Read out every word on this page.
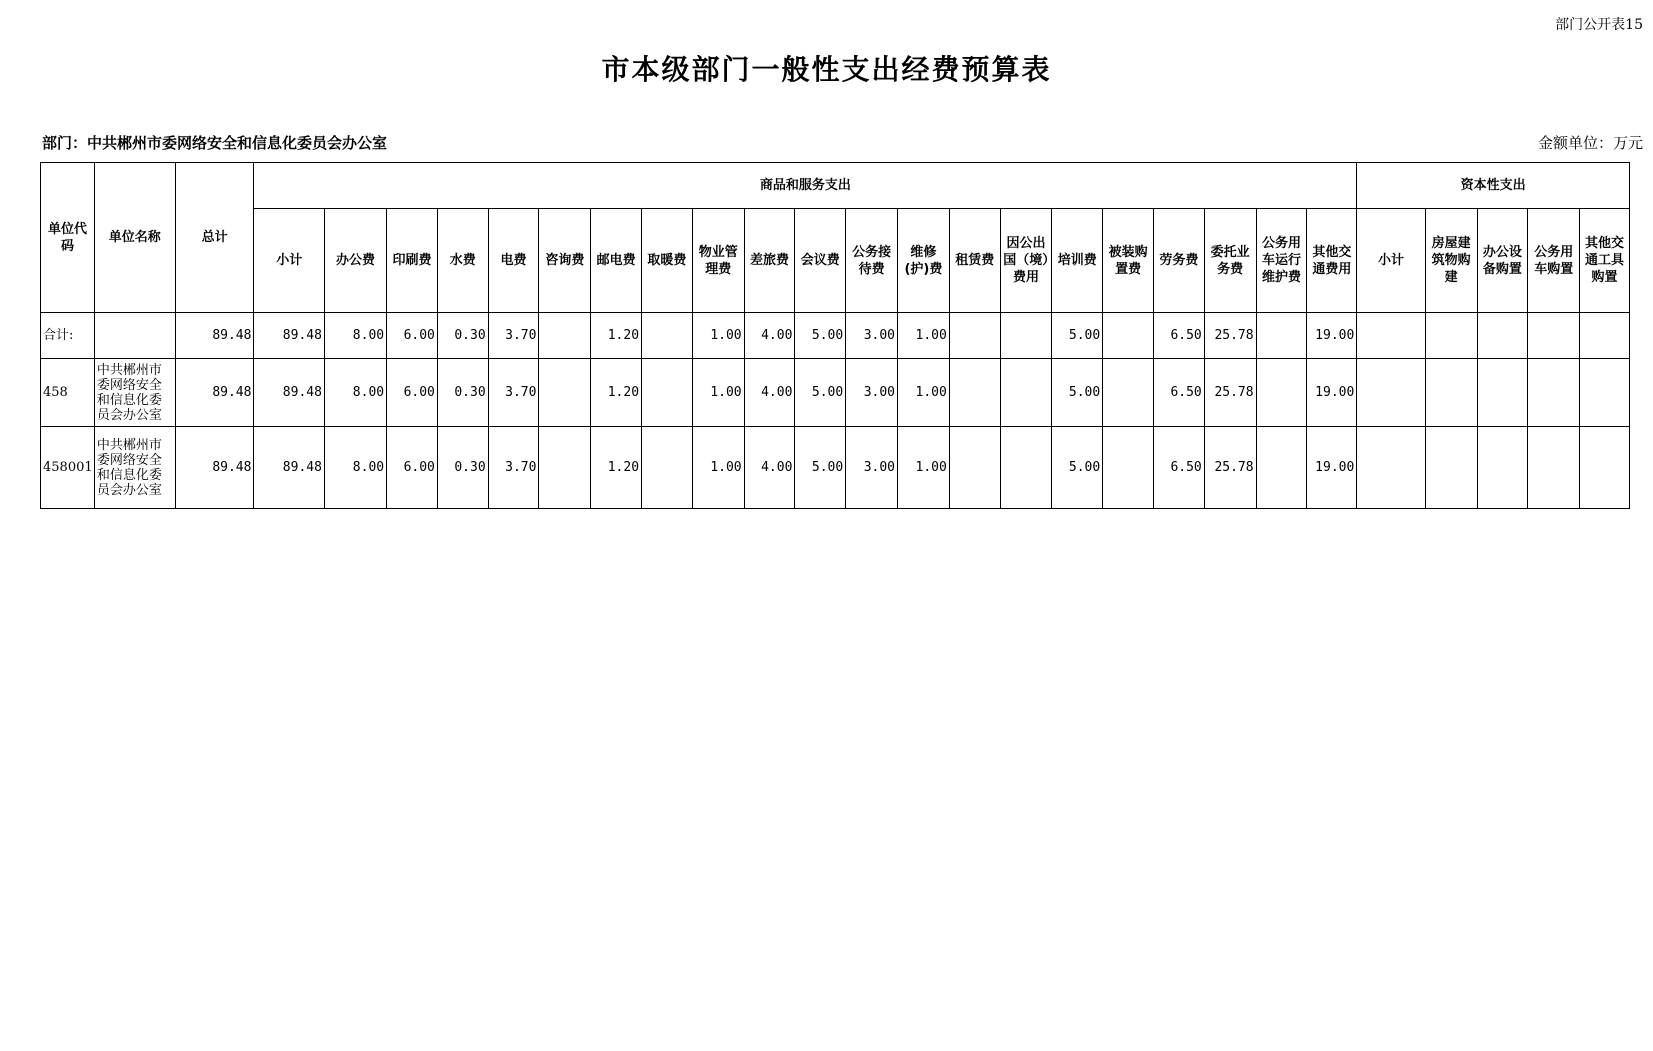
部门公开表15
市本级部门一般性支出经费预算表
部门：中共郴州市委网络安全和信息化委员会办公室	金额单位：万元
单位代码	单位名称	总计	商品和服务支出																					资本性支出				
			小计	办公费	印刷费	水费	电费	咨询费	邮电费	取暖费	物业管理费	差旅费	会议费	公务接待费	维修(护)费	租赁费	因公出国（境）费用	培训费	被装购置费	劳务费	委托业务费	公务用车运行维护费	其他交通费用	小计	房屋建筑物购建	办公设备购置	公务用车购置	其他交通工具购置
合计:		89.48	89.48	8.00	6.00	0.30	3.70		1.20		1.00	4.00	5.00	3.00	1.00			5.00		6.50	25.78		19.00					
458	中共郴州市委网络安全和信息化委员会办公室	89.48	89.48	8.00	6.00	0.30	3.70		1.20		1.00	4.00	5.00	3.00	1.00			5.00		6.50	25.78		19.00					
458001	中共郴州市委网络安全和信息化委员会办公室	89.48	89.48	8.00	6.00	0.30	3.70		1.20		1.00	4.00	5.00	3.00	1.00			5.00		6.50	25.78		19.00					
